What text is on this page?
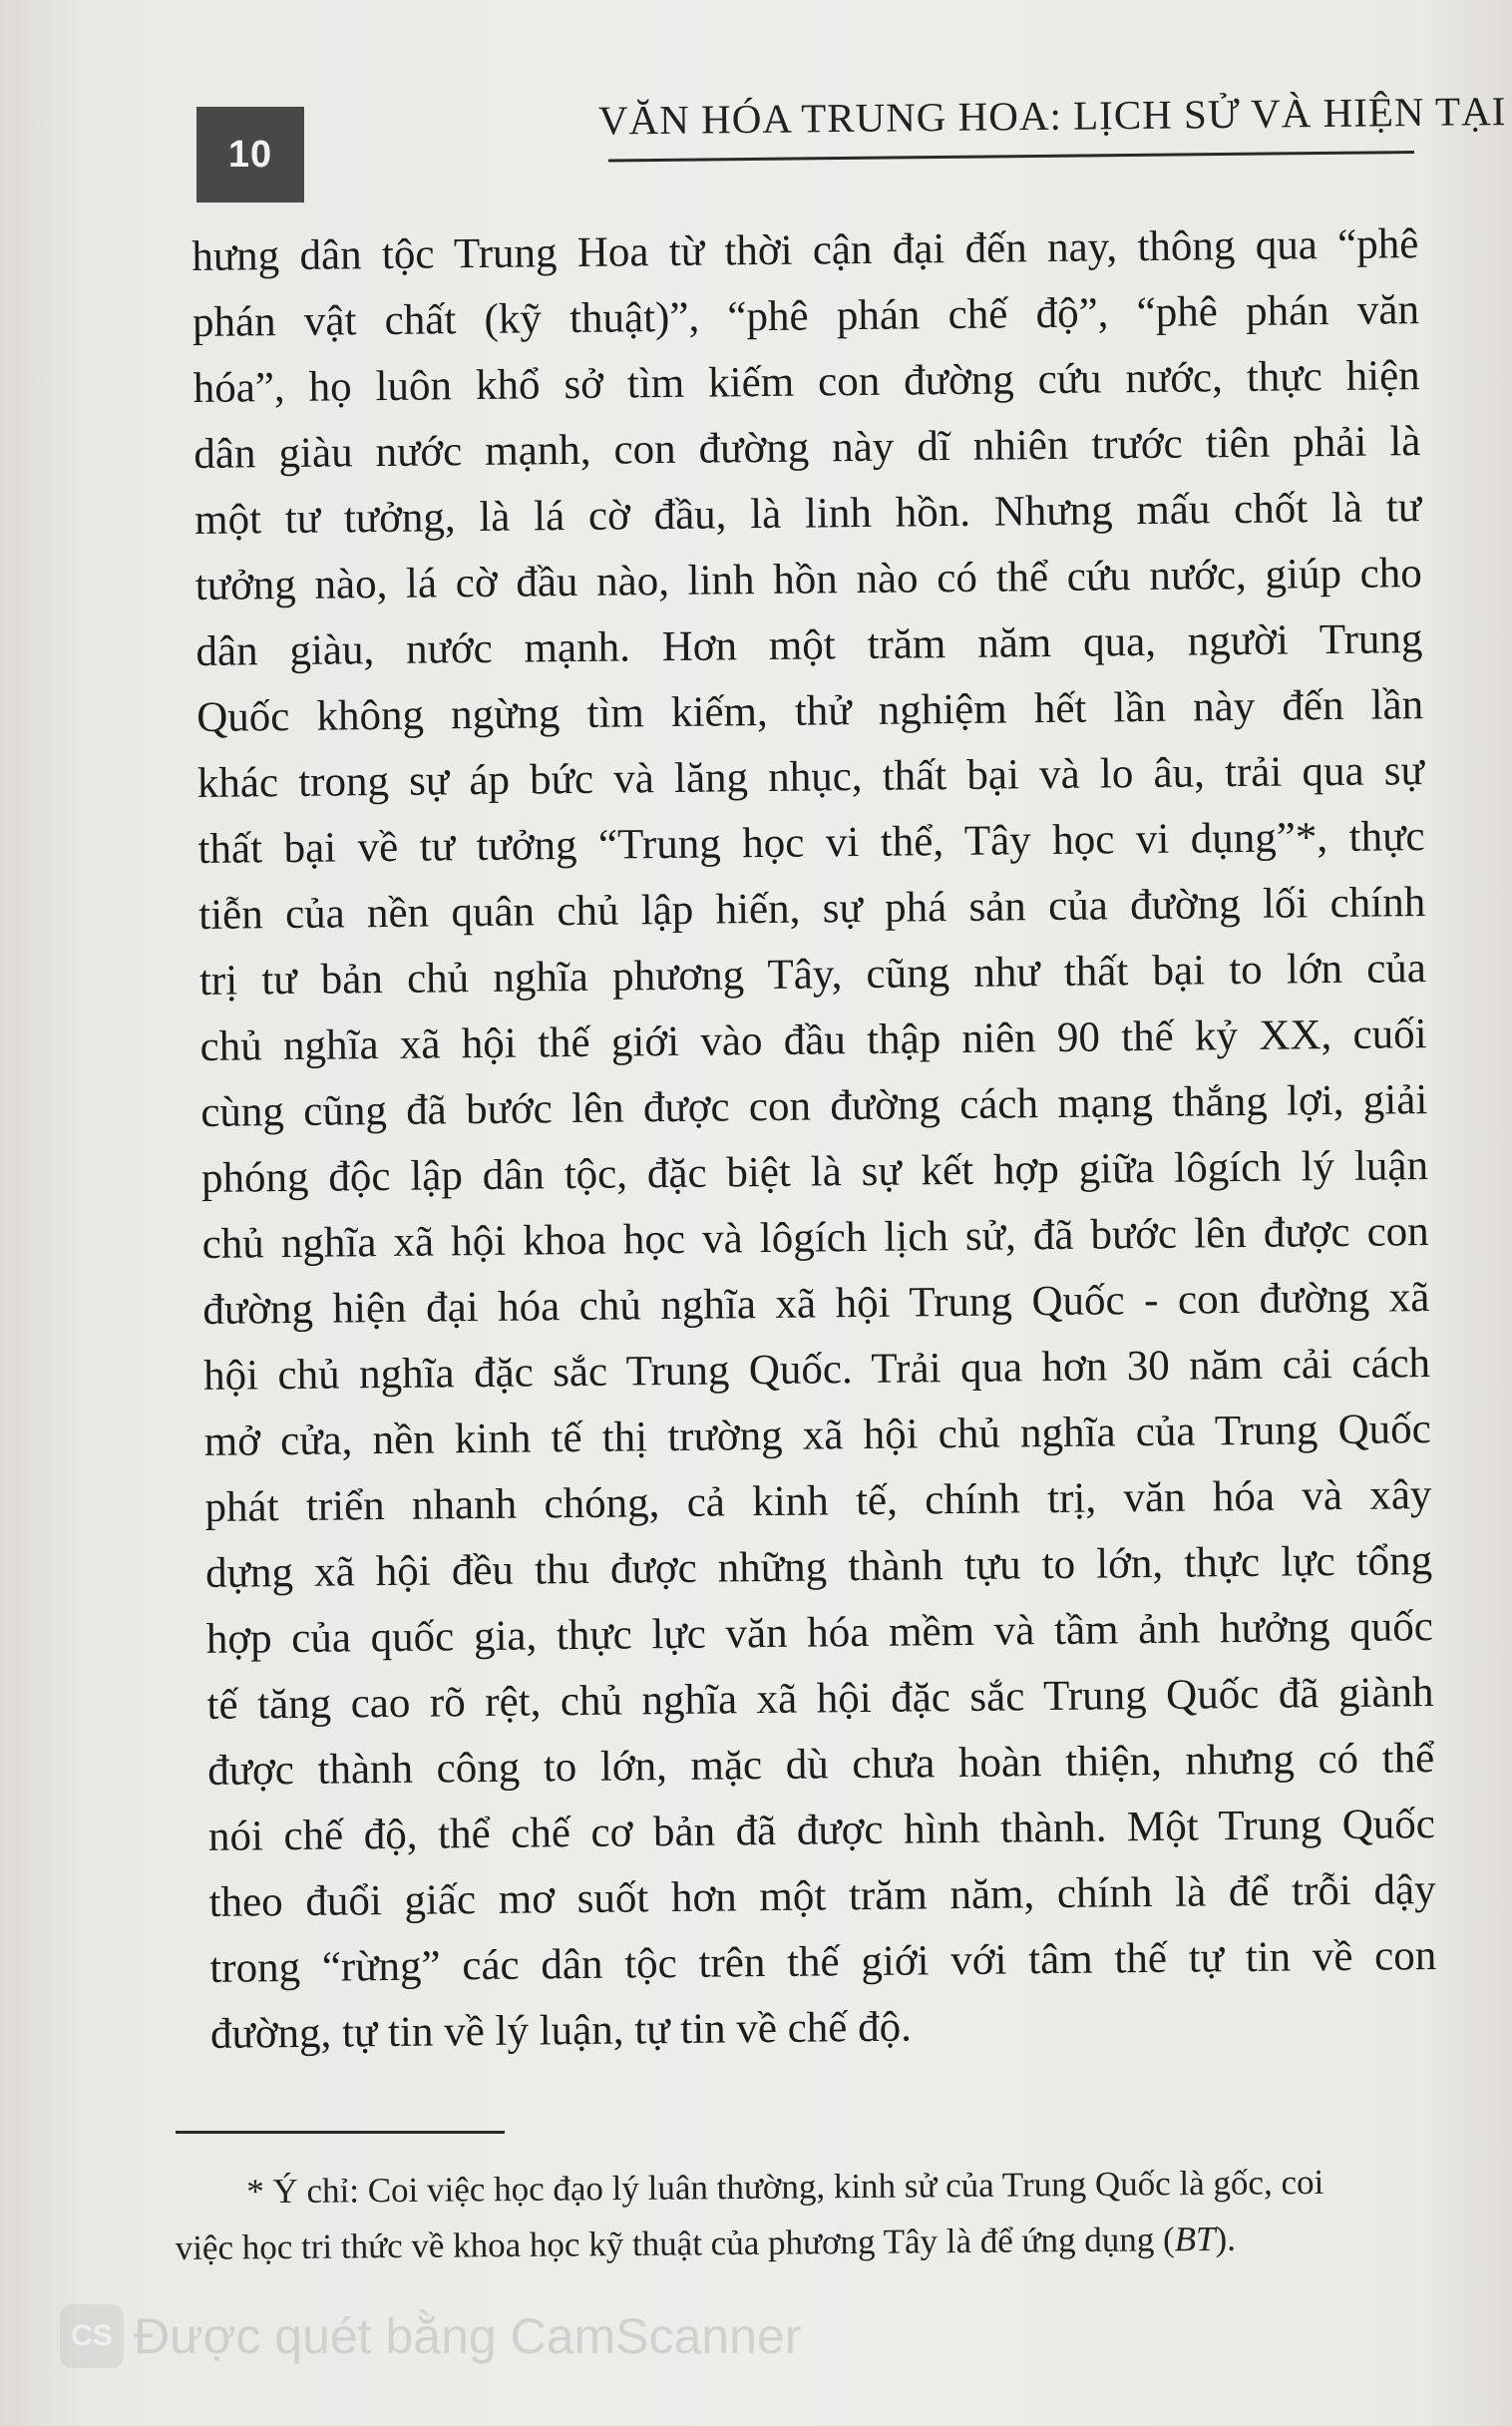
10
VĂN HÓA TRUNG HOA: LỊCH SỬ VÀ HIỆN TẠI
hưng dân tộc Trung Hoa từ thời cận đại đến nay, thông qua “phê
phán vật chất (kỹ thuật)”, “phê phán chế độ”, “phê phán văn
hóa”, họ luôn khổ sở tìm kiếm con đường cứu nước, thực hiện
dân giàu nước mạnh, con đường này dĩ nhiên trước tiên phải là
một tư tưởng, là lá cờ đầu, là linh hồn. Nhưng mấu chốt là tư
tưởng nào, lá cờ đầu nào, linh hồn nào có thể cứu nước, giúp cho
dân giàu, nước mạnh. Hơn một trăm năm qua, người Trung
Quốc không ngừng tìm kiếm, thử nghiệm hết lần này đến lần
khác trong sự áp bức và lăng nhục, thất bại và lo âu, trải qua sự
thất bại về tư tưởng “Trung học vi thể, Tây học vi dụng”*, thực
tiễn của nền quân chủ lập hiến, sự phá sản của đường lối chính
trị tư bản chủ nghĩa phương Tây, cũng như thất bại to lớn của
chủ nghĩa xã hội thế giới vào đầu thập niên 90 thế kỷ XX, cuối
cùng cũng đã bước lên được con đường cách mạng thắng lợi, giải
phóng độc lập dân tộc, đặc biệt là sự kết hợp giữa lôgích lý luận
chủ nghĩa xã hội khoa học và lôgích lịch sử, đã bước lên được con
đường hiện đại hóa chủ nghĩa xã hội Trung Quốc - con đường xã
hội chủ nghĩa đặc sắc Trung Quốc. Trải qua hơn 30 năm cải cách
mở cửa, nền kinh tế thị trường xã hội chủ nghĩa của Trung Quốc
phát triển nhanh chóng, cả kinh tế, chính trị, văn hóa và xây
dựng xã hội đều thu được những thành tựu to lớn, thực lực tổng
hợp của quốc gia, thực lực văn hóa mềm và tầm ảnh hưởng quốc
tế tăng cao rõ rệt, chủ nghĩa xã hội đặc sắc Trung Quốc đã giành
được thành công to lớn, mặc dù chưa hoàn thiện, nhưng có thể
nói chế độ, thể chế cơ bản đã được hình thành. Một Trung Quốc
theo đuổi giấc mơ suốt hơn một trăm năm, chính là để trỗi dậy
trong “rừng” các dân tộc trên thế giới với tâm thế tự tin về con
đường, tự tin về lý luận, tự tin về chế độ.
* Ý chỉ: Coi việc học đạo lý luân thường, kinh sử của Trung Quốc là gốc, coi
việc học tri thức về khoa học kỹ thuật của phương Tây là để ứng dụng (BT).
CS Được quét bằng CamScanner
